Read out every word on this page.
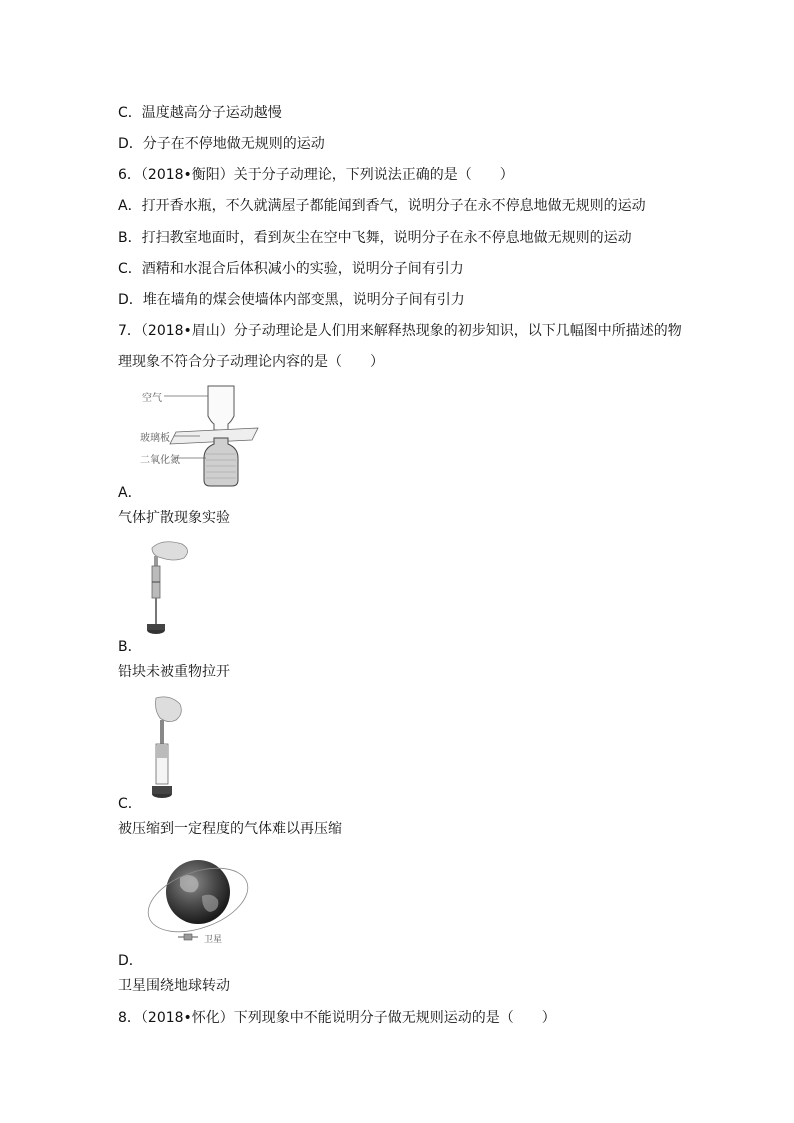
C．温度越高分子运动越慢
D．分子在不停地做无规则的运动
6．（2018•衡阳）关于分子动理论，下列说法正确的是（　　）
A．打开香水瓶，不久就满屋子都能闻到香气，说明分子在永不停息地做无规则的运动
B．打扫教室地面时，看到灰尘在空中飞舞，说明分子在永不停息地做无规则的运动
C．酒精和水混合后体积减小的实验，说明分子间有引力
D．堆在墙角的煤会使墙体内部变黑，说明分子间有引力
7．（2018•眉山）分子动理论是人们用来解释热现象的初步知识，以下几幅图中所描述的物
理现象不符合分子动理论内容的是（　　）
空气
玻璃板
二氧化氮
A．
气体扩散现象实验
B．
铅块未被重物拉开
C．
被压缩到一定程度的气体难以再压缩
卫星
D．
卫星围绕地球转动
8．（2018•怀化）下列现象中不能说明分子做无规则运动的是（　　）
